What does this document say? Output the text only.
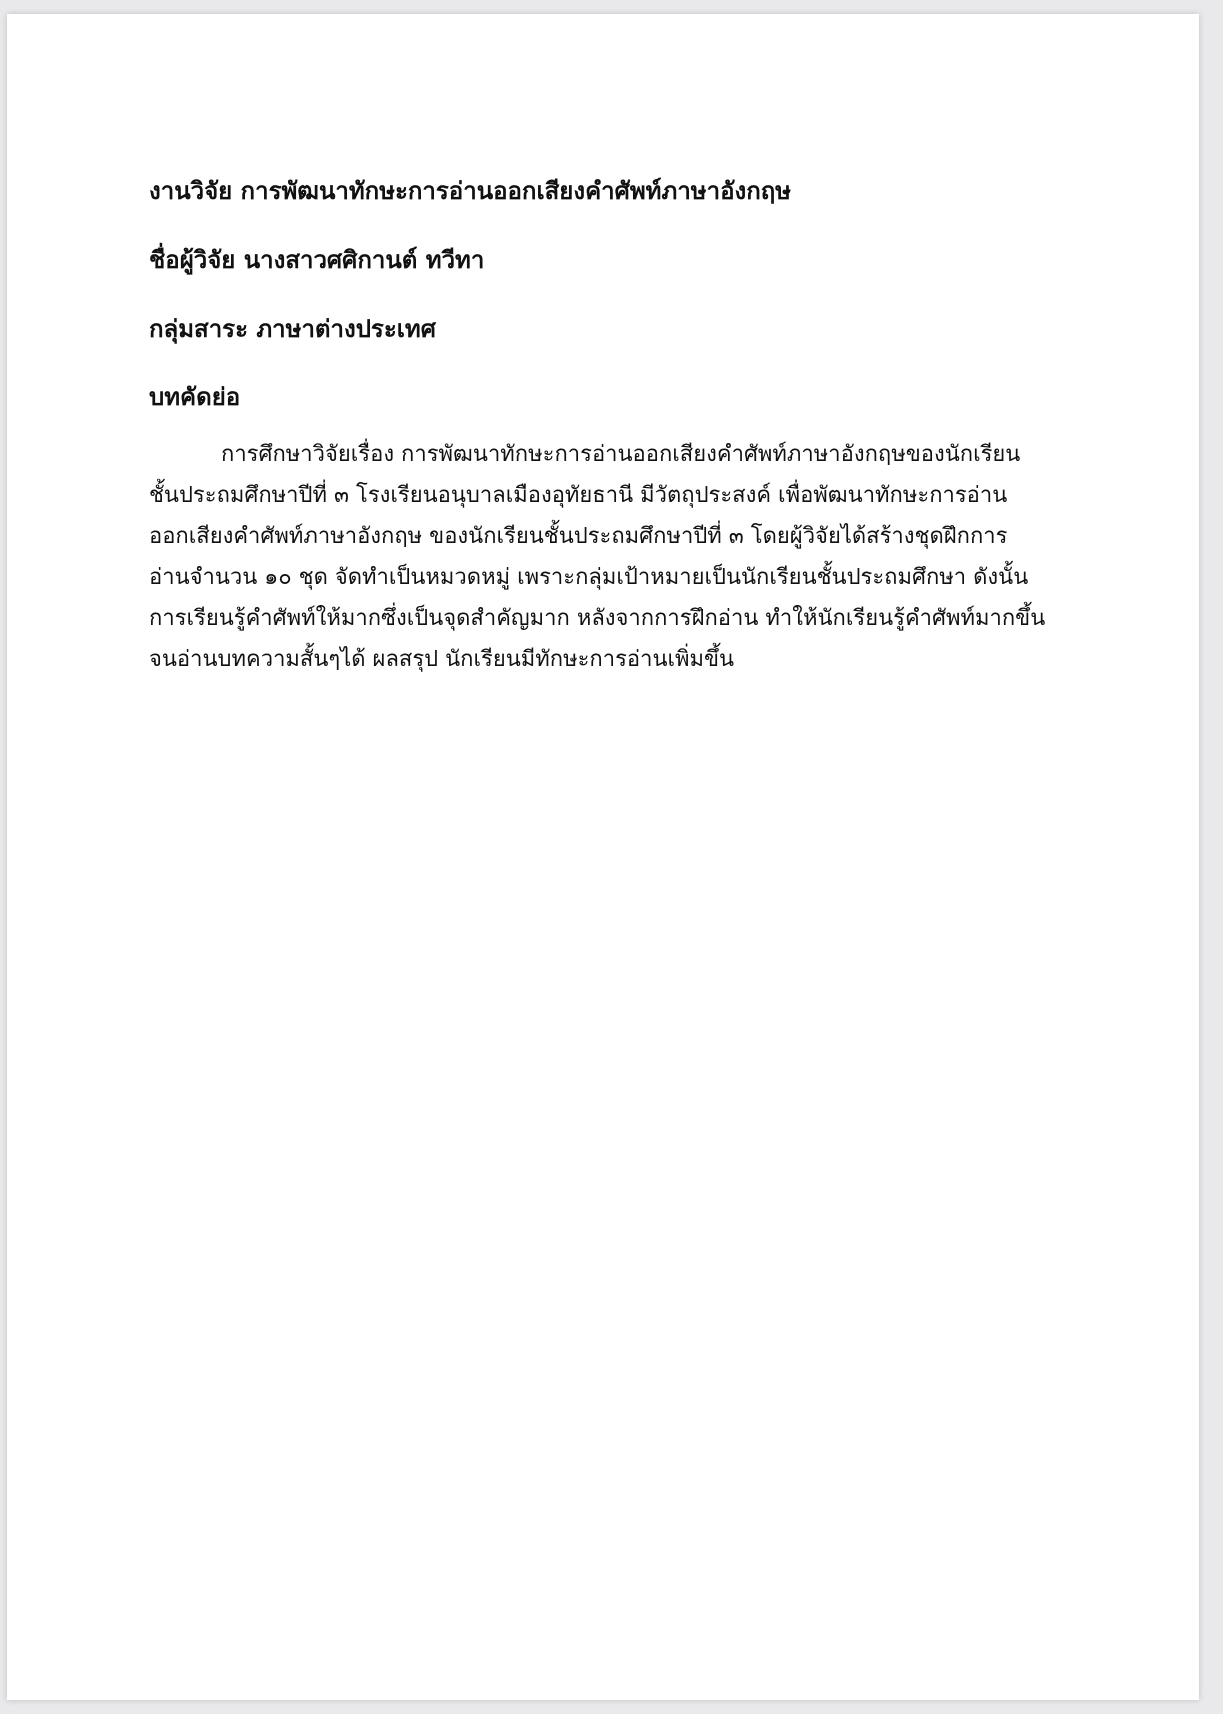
งานวิจัย การพัฒนาทักษะการอ่านออกเสียงคำศัพท์ภาษาอังกฤษ

ชื่อผู้วิจัย นางสาวศศิกานต์ ทวีทา

กลุ่มสาระ ภาษาต่างประเทศ

บทคัดย่อ

การศึกษาวิจัยเรื่อง การพัฒนาทักษะการอ่านออกเสียงคำศัพท์ภาษาอังกฤษของนักเรียน
ชั้นประถมศึกษาปีที่ ๓ โรงเรียนอนุบาลเมืองอุทัยธานี มีวัตถุประสงค์ เพื่อพัฒนาทักษะการอ่าน
ออกเสียงคำศัพท์ภาษาอังกฤษ ของนักเรียนชั้นประถมศึกษาปีที่ ๓ โดยผู้วิจัยได้สร้างชุดฝึกการ
อ่านจำนวน ๑๐ ชุด จัดทำเป็นหมวดหมู่ เพราะกลุ่มเป้าหมายเป็นนักเรียนชั้นประถมศึกษา ดังนั้น
การเรียนรู้คำศัพท์ให้มากซึ่งเป็นจุดสำคัญมาก หลังจากการฝึกอ่าน ทำให้นักเรียนรู้คำศัพท์มากขึ้น
จนอ่านบทความสั้นๆได้ ผลสรุป นักเรียนมีทักษะการอ่านเพิ่มขึ้น
